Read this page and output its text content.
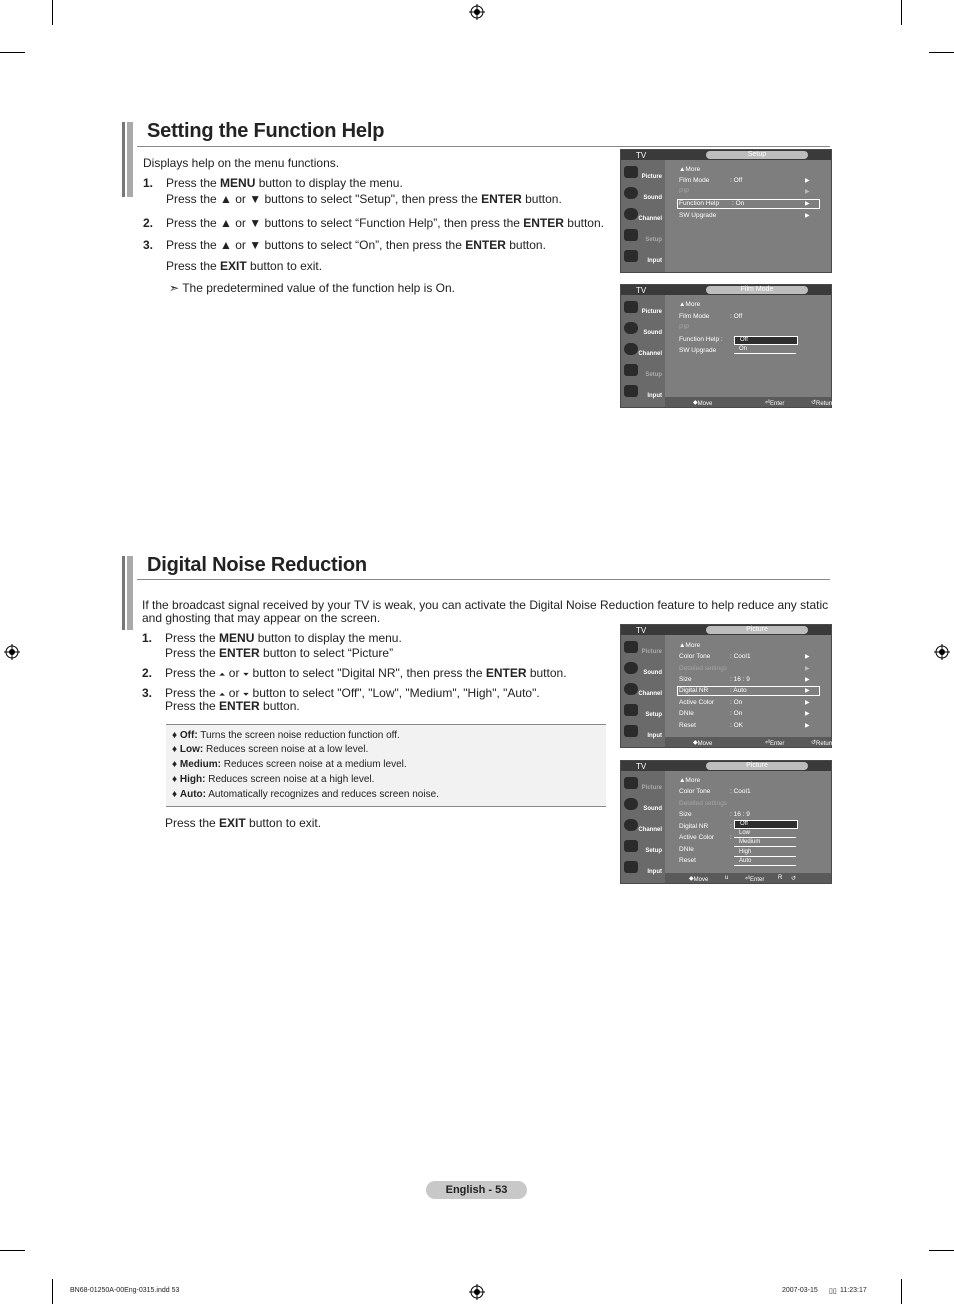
Setting the Function Help
Displays help on the menu functions.
1. Press the MENU button to display the menu.
Press the ▲ or ▼ buttons to select "Setup", then press the ENTER button.
2. Press the ▲ or ▼ buttons to select “Function Help”, then press the ENTER button.
3. Press the ▲ or ▼ buttons to select “On”, then press the ENTER button.
Press the EXIT button to exit.
➣ The predetermined value of the function help is On.
TV	Setup
Picture
Sound
Channel
Setup
Input
▲More
Film Mode	: Off	▶
PIP	▶
Function Help : On	▶
SW Upgrade	▶
TV	Film Mode
Picture
Sound
Channel
Setup
Input
▲More
Film Mode	: Off
PIP
Function Help :
SW Upgrade
Off
On
◆ Move	⏎ Enter	↺ Return
Digital Noise Reduction
If the broadcast signal received by your TV is weak, you can activate the Digital Noise Reduction feature to help reduce any static
and ghosting that may appear on the screen.
1. Press the MENU button to display the menu.
Press the ENTER button to select “Picture”
2. Press the ⏶ or ⏷ button to select "Digital NR", then press the ENTER button.
3. Press the ⏶ or ⏷ button to select "Off", "Low", "Medium", "High", "Auto".
Press the ENTER button.
♦ Off: Turns the screen noise reduction function off.
♦ Low: Reduces screen noise at a low level.
♦ Medium: Reduces screen noise at a medium level.
♦ High: Reduces screen noise at a high level.
♦ Auto: Automatically recognizes and reduces screen noise.
Press the EXIT button to exit.
TV	Picture
Picture
Sound
Channel
Setup
Input
▲More
Color Tone	: Cool1	▶
Detailed settings	▶
Size	: 16 : 9	▶
Digital NR	: Auto	▶
Active Color : On	▶
DNIe	: On	▶
Reset	: OK	▶
◆ Move	⏎ Enter	↺ Return
TV	Picture
Picture
Sound
Channel
Setup
Input
▲More
Color Tone	: Cool1
Detailed settings
Size	: 16 : 9
Digital NR	:
Active Color :
DNIe
Reset
Off
Low
Medium
High
Auto
◆ Move	u	⏎ Enter R ↺
English - 53
BN68-01250A-00Eng-0315.indd 53	2007-03-15 ▯▯ 11:23:17
